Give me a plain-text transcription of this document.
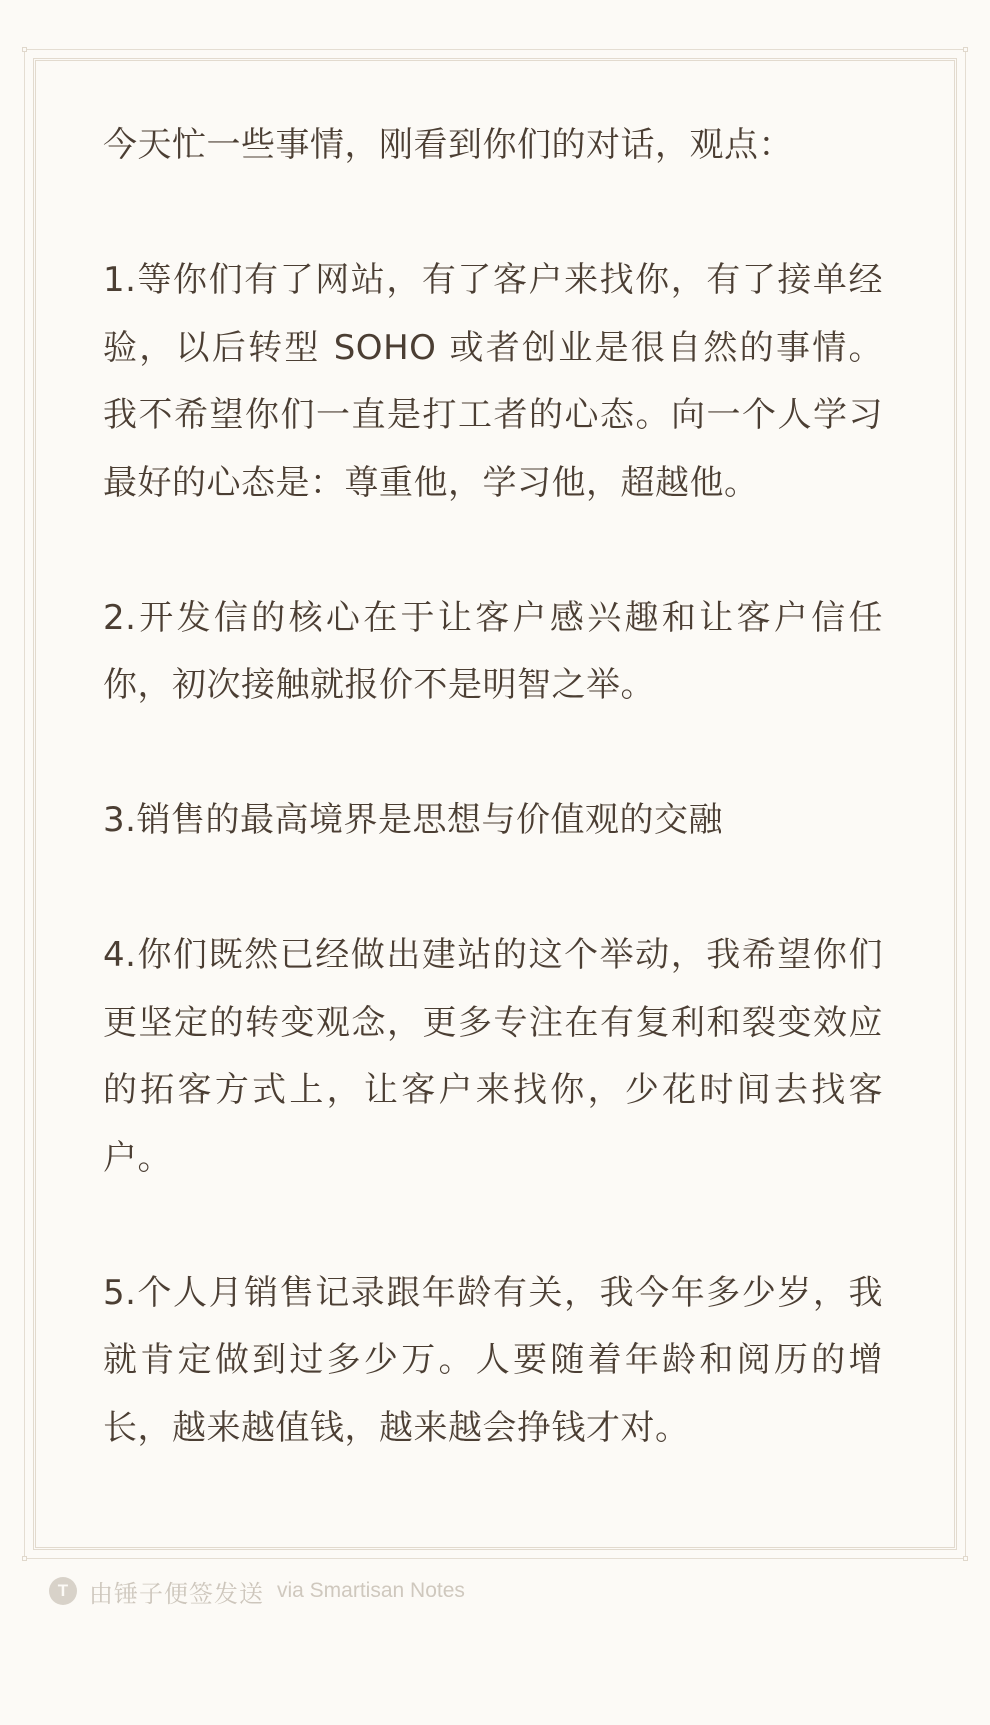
今天忙一些事情，刚看到你们的对话，观点：

1.等你们有了网站，有了客户来找你，有了接单经验，以后转型 SOHO 或者创业是很自然的事情。我不希望你们一直是打工者的心态。向一个人学习最好的心态是：尊重他，学习他，超越他。

2.开发信的核心在于让客户感兴趣和让客户信任你，初次接触就报价不是明智之举。

3.销售的最高境界是思想与价值观的交融

4.你们既然已经做出建站的这个举动，我希望你们更坚定的转变观念，更多专注在有复利和裂变效应的拓客方式上，让客户来找你，少花时间去找客户。

5.个人月销售记录跟年龄有关，我今年多少岁，我就肯定做到过多少万。人要随着年龄和阅历的增长，越来越值钱，越来越会挣钱才对。

T 由锤子便签发送 via Smartisan Notes
